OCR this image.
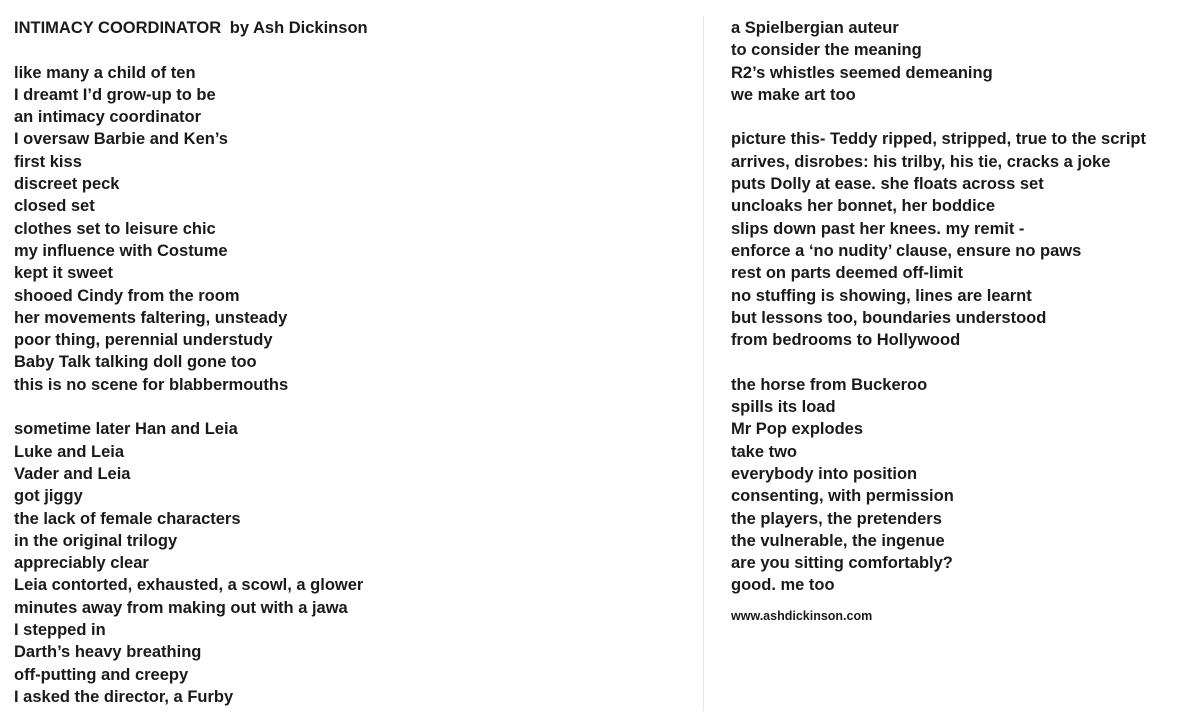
INTIMACY COORDINATOR by Ash Dickinson
like many a child of ten
I dreamt I’d grow-up to be
an intimacy coordinator
I oversaw Barbie and Ken’s
first kiss
discreet peck
closed set
clothes set to leisure chic
my influence with Costume
kept it sweet
shooed Cindy from the room
her movements faltering, unsteady
poor thing, perennial understudy
Baby Talk talking doll gone too
this is no scene for blabbermouths
sometime later Han and Leia
Luke and Leia
Vader and Leia
got jiggy
the lack of female characters
in the original trilogy
appreciably clear
Leia contorted, exhausted, a scowl, a glower
minutes away from making out with a jawa
I stepped in
Darth’s heavy breathing
off-putting and creepy
I asked the director, a Furby
a Spielbergian auteur
to consider the meaning
R2’s whistles seemed demeaning
we make art too
picture this- Teddy ripped, stripped, true to the script
arrives, disrobes: his trilby, his tie, cracks a joke
puts Dolly at ease. she floats across set
uncloaks her bonnet, her boddice
slips down past her knees. my remit -
enforce a ‘no nudity’ clause, ensure no paws
rest on parts deemed off-limit
no stuffing is showing, lines are learnt
but lessons too, boundaries understood
from bedrooms to Hollywood
the horse from Buckeroo
spills its load
Mr Pop explodes
take two
everybody into position
consenting, with permission
the players, the pretenders
the vulnerable, the ingenue
are you sitting comfortably?
good. me too
www.ashdickinson.com
